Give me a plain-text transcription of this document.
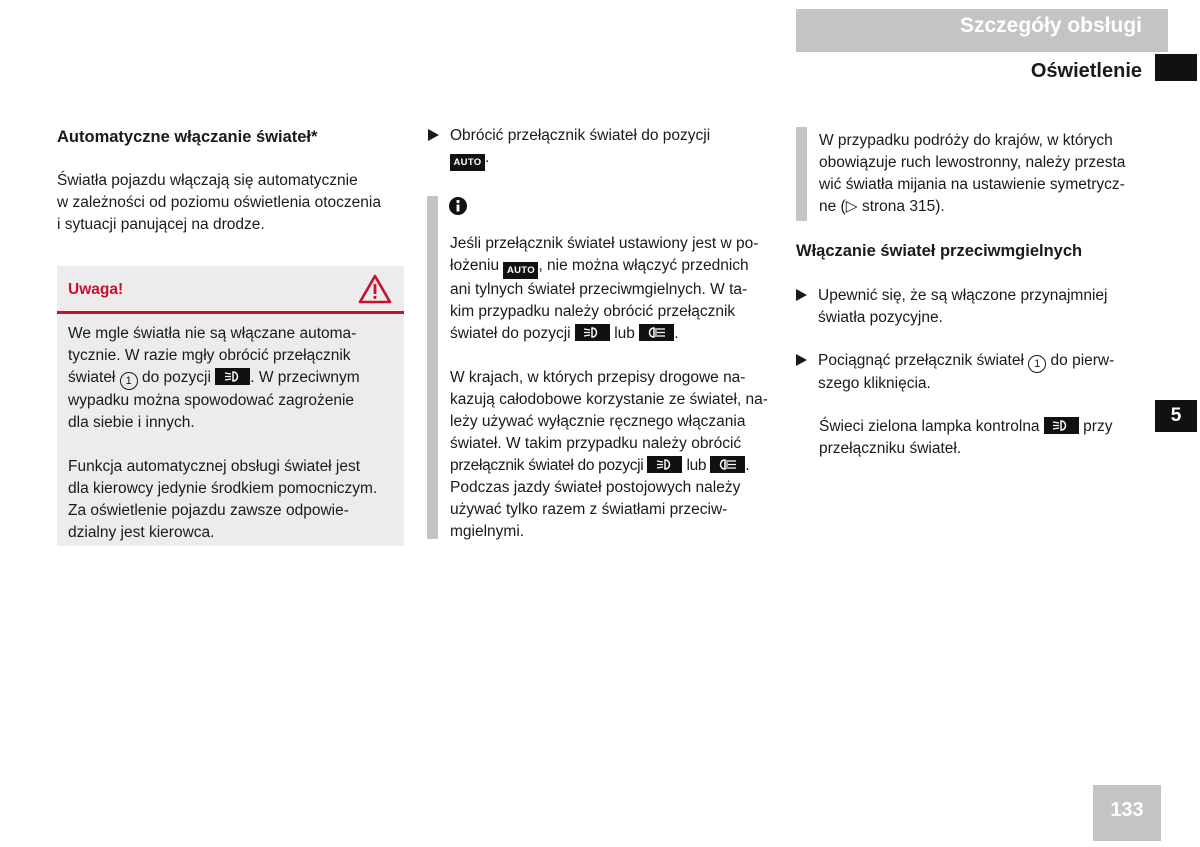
Szczegóły obsługi
Oświetlenie
Automatyczne włączanie świateł*

Światła pojazdu włączają się automatycznie

w zależności od poziomu oświetlenia otoczenia

i sytuacji panującej na drodze.

Uwaga!

We mgle światła nie są włączane automa-

tycznie. W razie mgły obrócić przełącznik

świateł 1 do pozycji
. W przeciwnym

wypadku można spowodować zagrożenie

dla siebie i innych.

Funkcja automatycznej obsługi świateł jest

dla kierowcy jedynie środkiem pomocniczym.

Za oświetlenie pojazdu zawsze odpowie-

dzialny jest kierowca.

Obrócić przełącznik świateł do pozycji

AUTO .

Jeśli przełącznik świateł ustawiony jest w po-

łożeniu AUTO , nie można włączyć przednich

ani tylnych świateł przeciwmgielnych. W ta-

kim przypadku należy obrócić przełącznik

świateł do pozycji
lub
.

W krajach, w których przepisy drogowe na-

kazują całodobowe korzystanie ze świateł, na-

leży używać wyłącznie ręcznego włączania

świateł. W takim przypadku należy obrócić

przełącznik świateł do pozycji
lub
.

Podczas jazdy świateł postojowych należy

używać tylko razem z światłami przeciw-

mgielnymi.

W przypadku podróży do krajów, w których

obowiązuje ruch lewostronny, należy przesta

wić światła mijania na ustawienie symetrycz-

ne (▷ strona 315).

Włączanie świateł przeciwmgielnych

Upewnić się, że są włączone przynajmniej

światła pozycyjne.

Pociągnąć przełącznik świateł 1 do pierw-

szego kliknięcia.

Świeci zielona lampka kontrolna
przy

przełączniku świateł.

5
133
